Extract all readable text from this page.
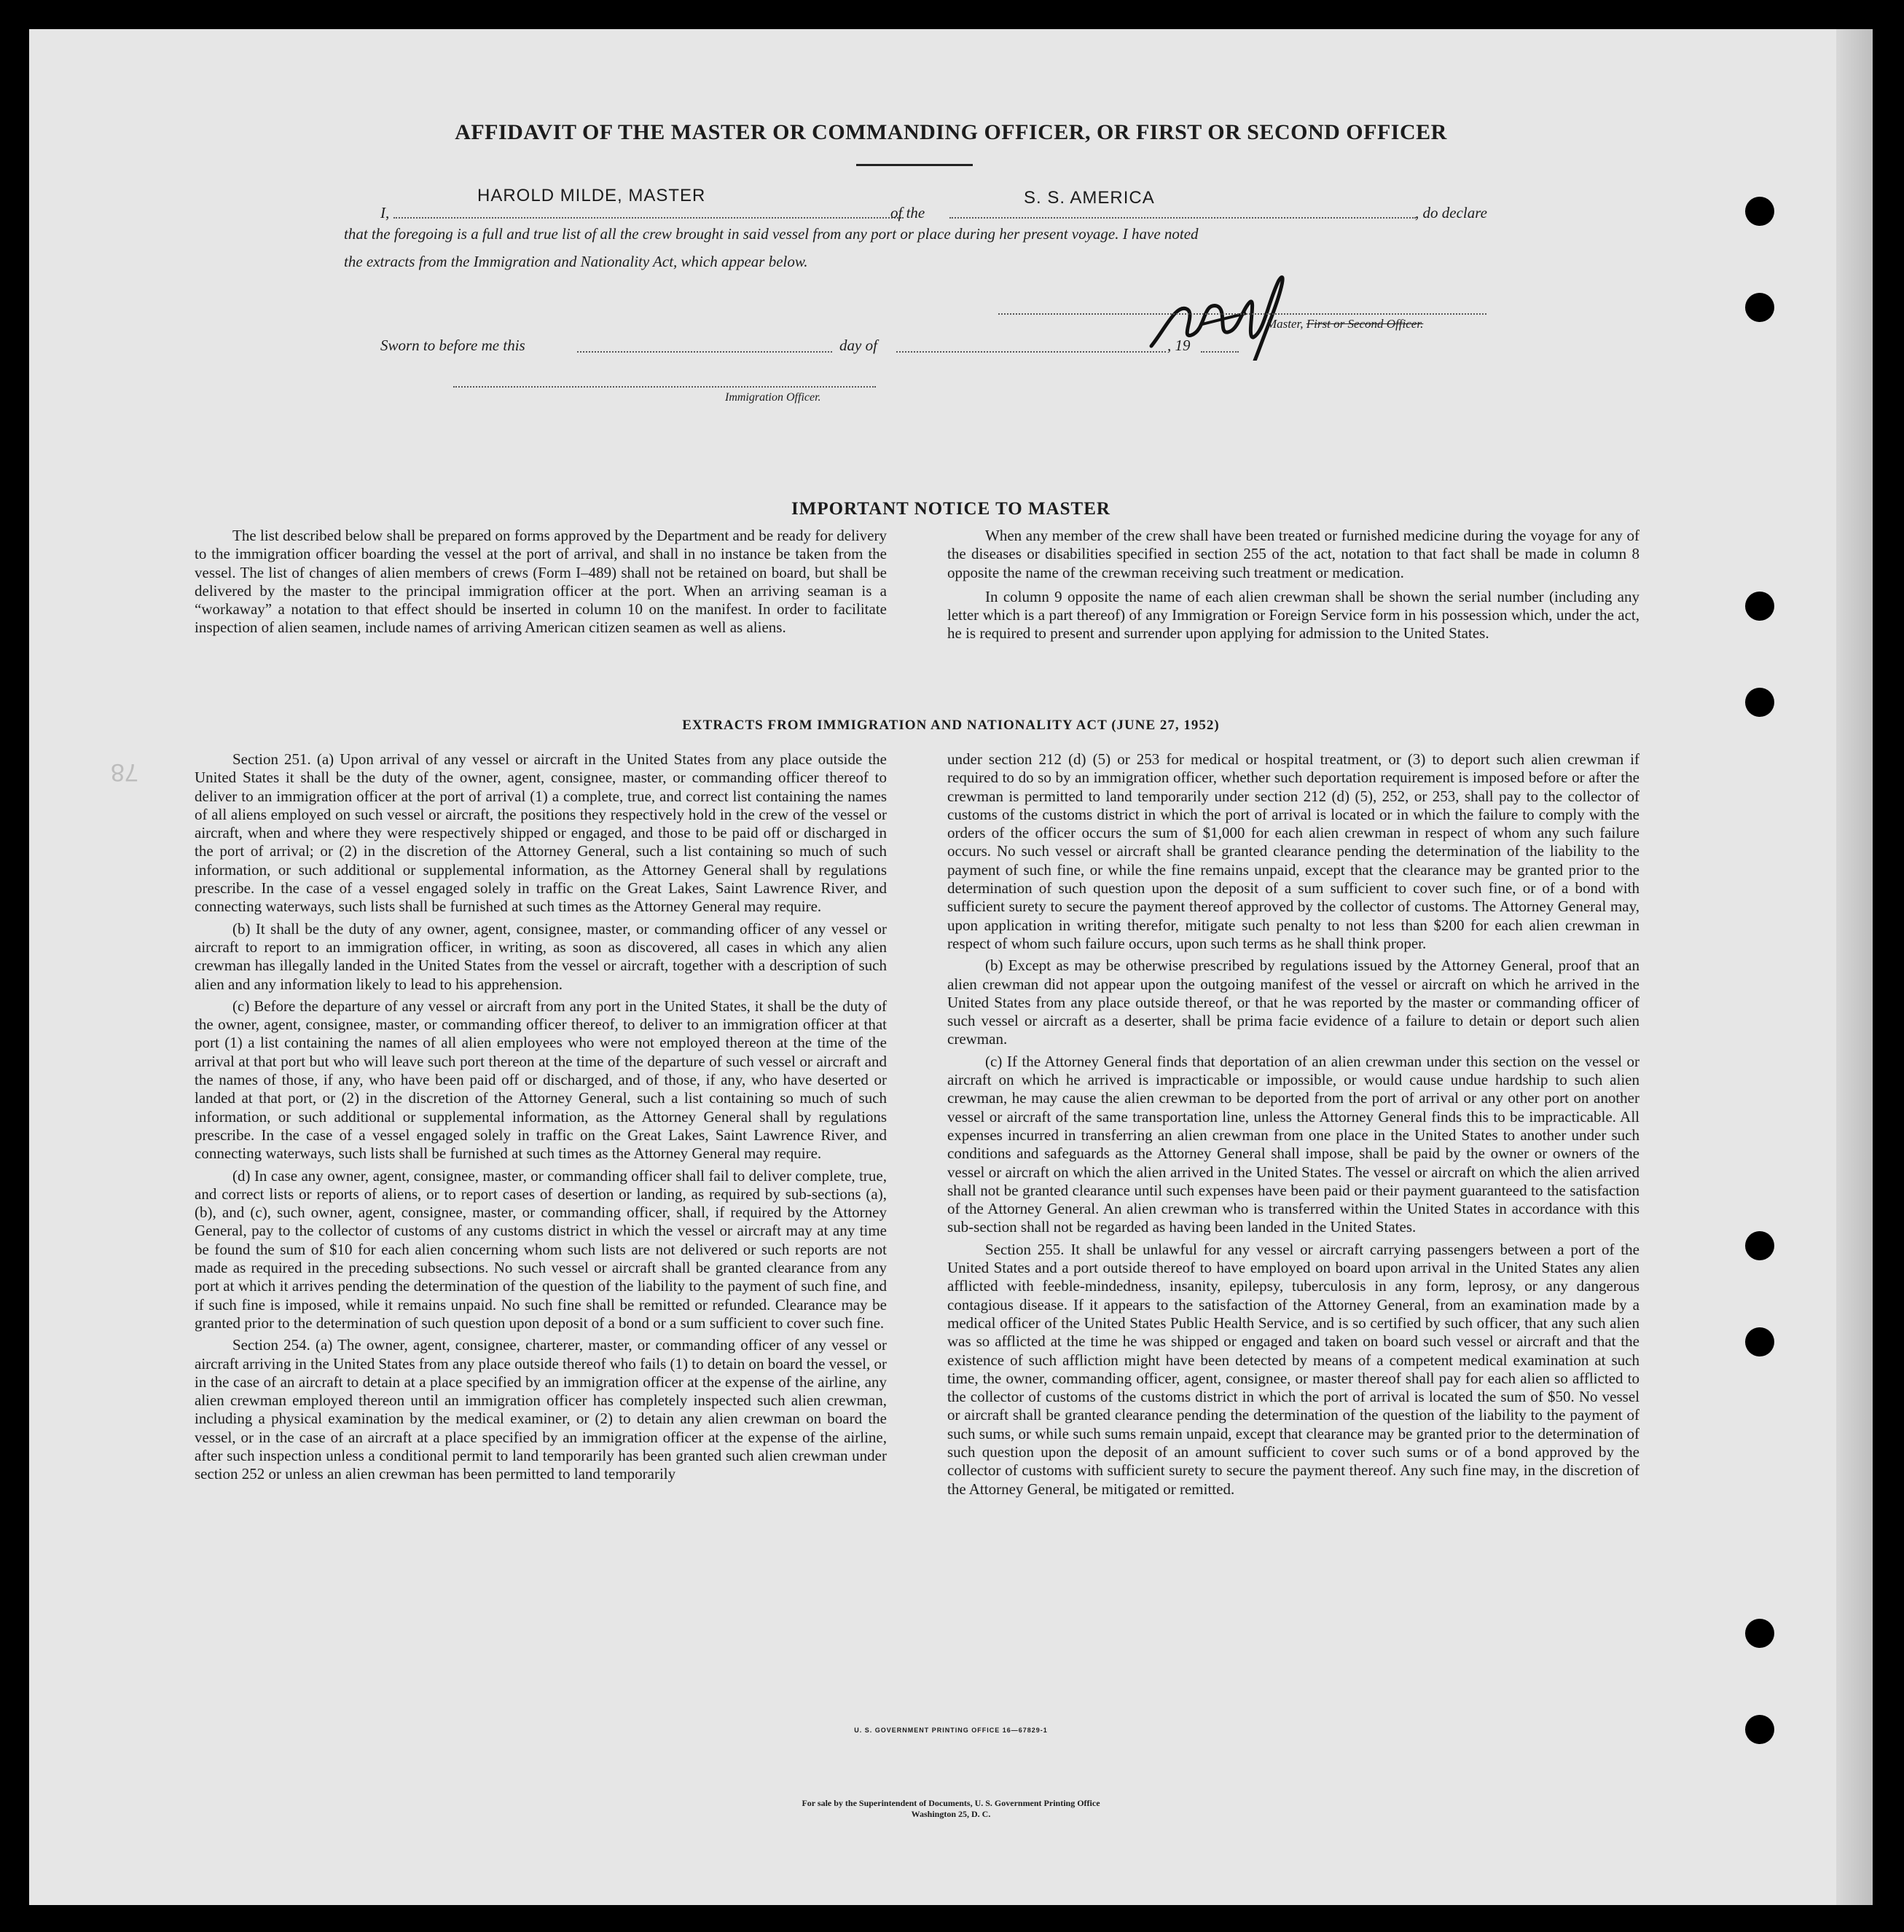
AFFIDAVIT OF THE MASTER OR COMMANDING OFFICER, OR FIRST OR SECOND OFFICER
I,
HAROLD MILDE, MASTER
of the
S. S. AMERICA
, do declare
that the foregoing is a full and true list of all the crew brought in said vessel from any port or place during her present voyage. I have noted
the extracts from the Immigration and Nationality Act, which appear below.
Master, First or Second Officer.
Sworn to before me this	day of	, 19
Immigration Officer.
IMPORTANT NOTICE TO MASTER

The list described below shall be prepared on forms approved by the Department and be ready for delivery to the immigration officer boarding the vessel at the port of arrival, and shall in no instance be taken from the vessel. The list of changes of alien members of crews (Form I–489) shall not be retained on board, but shall be delivered by the master to the principal immigration officer at the port. When an arriving seaman is a “workaway” a notation to that effect should be inserted in column 10 on the manifest. In order to facilitate inspection of alien seamen, include names of arriving American citizen seamen as well as aliens.

When any member of the crew shall have been treated or furnished medicine during the voyage for any of the diseases or disabilities specified in section 255 of the act, notation to that fact shall be made in column 8 opposite the name of the crewman receiving such treatment or medication.

In column 9 opposite the name of each alien crewman shall be shown the serial number (including any letter which is a part thereof) of any Immigration or Foreign Service form in his possession which, under the act, he is required to present and surrender upon applying for admission to the United States.

EXTRACTS FROM IMMIGRATION AND NATIONALITY ACT (JUNE 27, 1952)

Section 251. (a) Upon arrival of any vessel or aircraft in the United States from any place outside the United States it shall be the duty of the owner, agent, consignee, master, or commanding officer thereof to deliver to an immigration officer at the port of arrival (1) a complete, true, and correct list containing the names of all aliens employed on such vessel or aircraft, the positions they respectively hold in the crew of the vessel or aircraft, when and where they were respectively shipped or engaged, and those to be paid off or discharged in the port of arrival; or (2) in the discretion of the Attorney General, such a list containing so much of such information, or such additional or supplemental information, as the Attorney General shall by regulations prescribe. In the case of a vessel engaged solely in traffic on the Great Lakes, Saint Lawrence River, and connecting waterways, such lists shall be furnished at such times as the Attorney General may require.

(b) It shall be the duty of any owner, agent, consignee, master, or commanding officer of any vessel or aircraft to report to an immigration officer, in writing, as soon as discovered, all cases in which any alien crewman has illegally landed in the United States from the vessel or aircraft, together with a description of such alien and any information likely to lead to his apprehension.

(c) Before the departure of any vessel or aircraft from any port in the United States, it shall be the duty of the owner, agent, consignee, master, or commanding officer thereof, to deliver to an immigration officer at that port (1) a list containing the names of all alien employees who were not employed thereon at the time of the arrival at that port but who will leave such port thereon at the time of the departure of such vessel or aircraft and the names of those, if any, who have been paid off or discharged, and of those, if any, who have deserted or landed at that port, or (2) in the discretion of the Attorney General, such a list containing so much of such information, or such additional or supplemental information, as the Attorney General shall by regulations prescribe. In the case of a vessel engaged solely in traffic on the Great Lakes, Saint Lawrence River, and connecting waterways, such lists shall be furnished at such times as the Attorney General may require.

(d) In case any owner, agent, consignee, master, or commanding officer shall fail to deliver complete, true, and correct lists or reports of aliens, or to report cases of desertion or landing, as required by sub-sections (a), (b), and (c), such owner, agent, consignee, master, or commanding officer, shall, if required by the Attorney General, pay to the collector of customs of any customs district in which the vessel or aircraft may at any time be found the sum of $10 for each alien concerning whom such lists are not delivered or such reports are not made as required in the preceding subsections. No such vessel or aircraft shall be granted clearance from any port at which it arrives pending the determination of the question of the liability to the payment of such fine, and if such fine is imposed, while it remains unpaid. No such fine shall be remitted or refunded. Clearance may be granted prior to the determination of such question upon deposit of a bond or a sum sufficient to cover such fine.

Section 254. (a) The owner, agent, consignee, charterer, master, or commanding officer of any vessel or aircraft arriving in the United States from any place outside thereof who fails (1) to detain on board the vessel, or in the case of an aircraft to detain at a place specified by an immigration officer at the expense of the airline, any alien crewman employed thereon until an immigration officer has completely inspected such alien crewman, including a physical examination by the medical examiner, or (2) to detain any alien crewman on board the vessel, or in the case of an aircraft at a place specified by an immigration officer at the expense of the airline, after such inspection unless a conditional permit to land temporarily has been granted such alien crewman under section 252 or unless an alien crewman has been permitted to land temporarily

under section 212 (d) (5) or 253 for medical or hospital treatment, or (3) to deport such alien crewman if required to do so by an immigration officer, whether such deportation requirement is imposed before or after the crewman is permitted to land temporarily under section 212 (d) (5), 252, or 253, shall pay to the collector of customs of the customs district in which the port of arrival is located or in which the failure to comply with the orders of the officer occurs the sum of $1,000 for each alien crewman in respect of whom any such failure occurs. No such vessel or aircraft shall be granted clearance pending the determination of the liability to the payment of such fine, or while the fine remains unpaid, except that the clearance may be granted prior to the determination of such question upon the deposit of a sum sufficient to cover such fine, or of a bond with sufficient surety to secure the payment thereof approved by the collector of customs. The Attorney General may, upon application in writing therefor, mitigate such penalty to not less than $200 for each alien crewman in respect of whom such failure occurs, upon such terms as he shall think proper.

(b) Except as may be otherwise prescribed by regulations issued by the Attorney General, proof that an alien crewman did not appear upon the outgoing manifest of the vessel or aircraft on which he arrived in the United States from any place outside thereof, or that he was reported by the master or commanding officer of such vessel or aircraft as a deserter, shall be prima facie evidence of a failure to detain or deport such alien crewman.

(c) If the Attorney General finds that deportation of an alien crewman under this section on the vessel or aircraft on which he arrived is impracticable or impossible, or would cause undue hardship to such alien crewman, he may cause the alien crewman to be deported from the port of arrival or any other port on another vessel or aircraft of the same transportation line, unless the Attorney General finds this to be impracticable. All expenses incurred in transferring an alien crewman from one place in the United States to another under such conditions and safeguards as the Attorney General shall impose, shall be paid by the owner or owners of the vessel or aircraft on which the alien arrived in the United States. The vessel or aircraft on which the alien arrived shall not be granted clearance until such expenses have been paid or their payment guaranteed to the satisfaction of the Attorney General. An alien crewman who is transferred within the United States in accordance with this sub-section shall not be regarded as having been landed in the United States.

Section 255. It shall be unlawful for any vessel or aircraft carrying passengers between a port of the United States and a port outside thereof to have employed on board upon arrival in the United States any alien afflicted with feeble-mindedness, insanity, epilepsy, tuberculosis in any form, leprosy, or any dangerous contagious disease. If it appears to the satisfaction of the Attorney General, from an examination made by a medical officer of the United States Public Health Service, and is so certified by such officer, that any such alien was so afflicted at the time he was shipped or engaged and taken on board such vessel or aircraft and that the existence of such affliction might have been detected by means of a competent medical examination at such time, the owner, commanding officer, agent, consignee, or master thereof shall pay for each alien so afflicted to the collector of customs of the customs district in which the port of arrival is located the sum of $50. No vessel or aircraft shall be granted clearance pending the determination of the question of the liability to the payment of such sums, or while such sums remain unpaid, except that clearance may be granted prior to the determination of such question upon the deposit of an amount sufficient to cover such sums or of a bond approved by the collector of customs with sufficient surety to secure the payment thereof. Any such fine may, in the discretion of the Attorney General, be mitigated or remitted.

78
U. S. GOVERNMENT PRINTING OFFICE 16—67829-1
For sale by the Superintendent of Documents, U. S. Government Printing Office
Washington 25, D. C.
